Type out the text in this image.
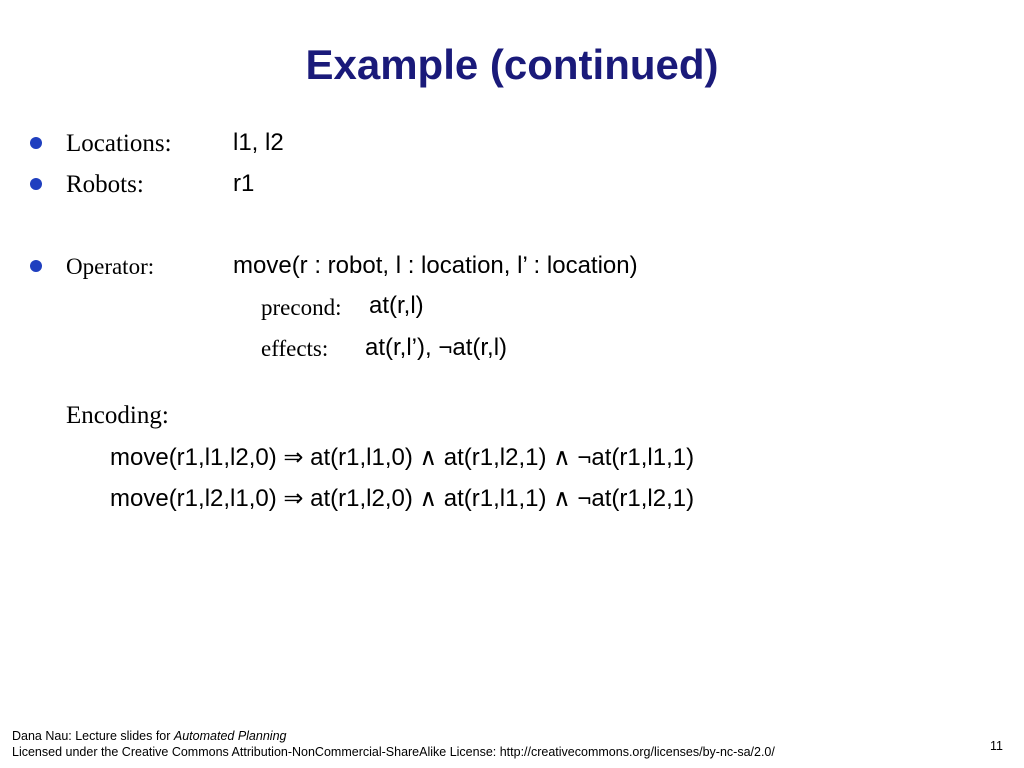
Example (continued)
Locations:	l1, l2
Robots:	r1
Operator:	move(r : robot, l : location, l’ : location)
precond: at(r,l)
effects: at(r,l’), ¬at(r,l)
Encoding:
move(r1,l1,l2,0) ⇒ at(r1,l1,0) ∧ at(r1,l2,1) ∧ ¬at(r1,l1,1)
move(r1,l2,l1,0) ⇒ at(r1,l2,0) ∧ at(r1,l1,1) ∧ ¬at(r1,l2,1)
Dana Nau: Lecture slides for Automated Planning
Licensed under the Creative Commons Attribution-NonCommercial-ShareAlike License: http://creativecommons.org/licenses/by-nc-sa/2.0/	11
